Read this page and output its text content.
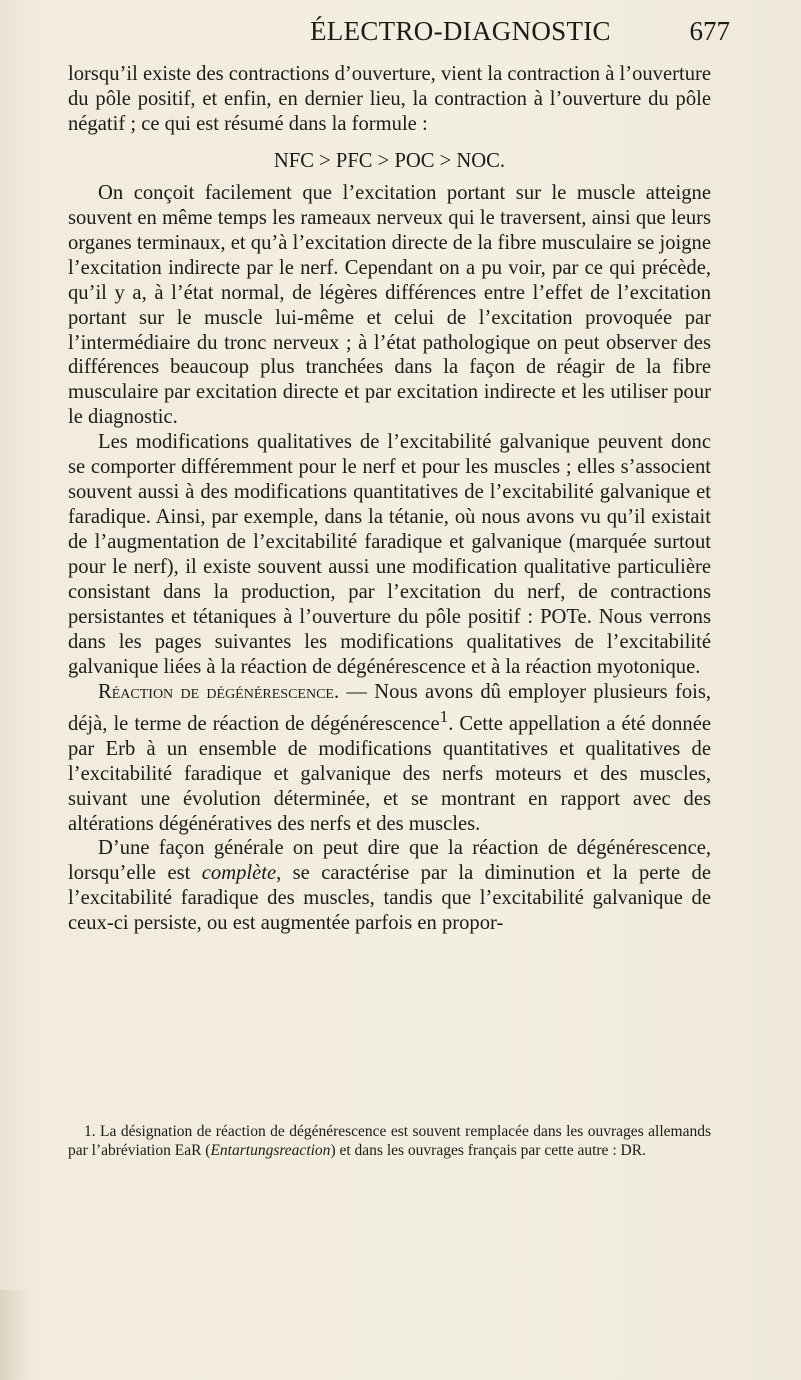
ÉLECTRO-DIAGNOSTIC	677

lorsqu’il existe des contractions d’ouverture, vient la contraction à l’ouverture du pôle positif, et enfin, en dernier lieu, la contraction à l’ouverture du pôle négatif ; ce qui est résumé dans la formule :

NFC > PFC > POC > NOC.

On conçoit facilement que l’excitation portant sur le muscle atteigne souvent en même temps les rameaux nerveux qui le traversent, ainsi que leurs organes terminaux, et qu’à l’excitation directe de la fibre musculaire se joigne l’excitation indirecte par le nerf. Cependant on a pu voir, par ce qui précède, qu’il y a, à l’état normal, de légères différences entre l’effet de l’excitation portant sur le muscle lui-même et celui de l’excitation provoquée par l’intermédiaire du tronc nerveux ; à l’état pathologique on peut observer des différences beaucoup plus tranchées dans la façon de réagir de la fibre musculaire par excitation directe et par excitation indirecte et les utiliser pour le diagnostic.

Les modifications qualitatives de l’excitabilité galvanique peuvent donc se comporter différemment pour le nerf et pour les muscles ; elles s’associent souvent aussi à des modifications quantitatives de l’excitabilité galvanique et faradique. Ainsi, par exemple, dans la tétanie, où nous avons vu qu’il existait de l’augmentation de l’excitabilité faradique et galvanique (marquée surtout pour le nerf), il existe souvent aussi une modification qualitative particulière consistant dans la production, par l’excitation du nerf, de contractions persistantes et tétaniques à l’ouverture du pôle positif : POTe. Nous verrons dans les pages suivantes les modifications qualitatives de l’excitabilité galvanique liées à la réaction de dégénérescence et à la réaction myotonique.

Réaction de dégénérescence. — Nous avons dû employer plusieurs fois, déjà, le terme de réaction de dégénérescence$^1$. Cette appellation a été donnée par Erb à un ensemble de modifications quantitatives et qualitatives de l’excitabilité faradique et galvanique des nerfs moteurs et des muscles, suivant une évolution déterminée, et se montrant en rapport avec des altérations dégénératives des nerfs et des muscles.

D’une façon générale on peut dire que la réaction de dégénérescence, lorsqu’elle est complète, se caractérise par la diminution et la perte de l’excitabilité faradique des muscles, tandis que l’excitabilité galvanique de ceux-ci persiste, ou est augmentée parfois en propor-

1. La désignation de réaction de dégénérescence est souvent remplacée dans les ouvrages allemands par l’abréviation EaR (Entartungsreaction) et dans les ouvrages français par cette autre : DR.
